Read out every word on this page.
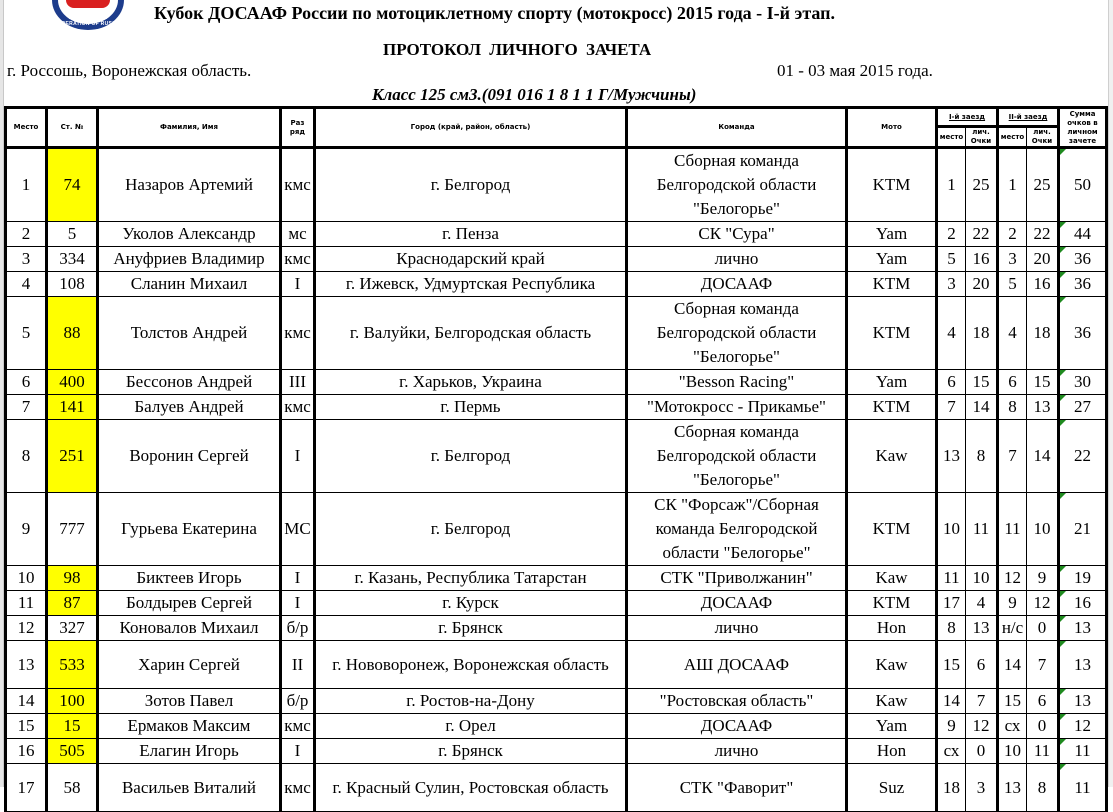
MOTORCYCLE FEDERATION OF RUSSIA
Кубок ДОСААФ России по мотоциклетному спорту (мотокросс) 2015 года - I-й этап.
ПРОТОКОЛ ЛИЧНОГО ЗАЧЕТА
г. Россошь, Воронежская область.	01 - 03 мая 2015 года.
Класс 125 см3.(091 016 1 8 1 1 Г/Мужчины)
Место	Ст. №	Фамилия, Имя	Раз ряд	Город (край, район, область)	Команда	Мото	I-й заезд		II-й заезд		Сумма очков в личном зачете
							место	лич. Очки	место	лич. Очки	
1	74	Назаров Артемий	кмс	г. Белгород	Сборная команда Белгородской области "Белогорье"	KTM	1	25	1	25	50
2	5	Уколов Александр	мс	г. Пенза	СК "Сура"	Yam	2	22	2	22	44
3	334	Ануфриев Владимир	кмс	Краснодарский край	лично	Yam	5	16	3	20	36
4	108	Сланин Михаил	I	г. Ижевск, Удмуртская Республика	ДОСААФ	KTM	3	20	5	16	36
5	88	Толстов Андрей	кмс	г. Валуйки, Белгородская область	Сборная команда Белгородской области "Белогорье"	KTM	4	18	4	18	36
6	400	Бессонов Андрей	III	г. Харьков, Украина	"Besson Racing"	Yam	6	15	6	15	30
7	141	Балуев Андрей	кмс	г. Пермь	"Мотокросс - Прикамье"	KTM	7	14	8	13	27
8	251	Воронин Сергей	I	г. Белгород	Сборная команда Белгородской области "Белогорье"	Kaw	13	8	7	14	22
9	777	Гурьева Екатерина	МС	г. Белгород	СК "Форсаж"/Сборная команда Белгородской области "Белогорье"	KTM	10	11	11	10	21
10	98	Биктеев Игорь	I	г. Казань, Республика Татарстан	СТК "Приволжанин"	Kaw	11	10	12	9	19
11	87	Болдырев Сергей	I	г. Курск	ДОСААФ	KTM	17	4	9	12	16
12	327	Коновалов Михаил	б/р	г. Брянск	лично	Hon	8	13	н/с	0	13
13	533	Харин Сергей	II	г. Нововоронеж, Воронежская область	АШ ДОСААФ	Kaw	15	6	14	7	13
14	100	Зотов Павел	б/р	г. Ростов-на-Дону	"Ростовская область"	Kaw	14	7	15	6	13
15	15	Ермаков Максим	кмс	г. Орел	ДОСААФ	Yam	9	12	сх	0	12
16	505	Елагин Игорь	I	г. Брянск	лично	Hon	сх	0	10	11	11
17	58	Васильев Виталий	кмс	г. Красный Сулин, Ростовская область	СТК "Фаворит"	Suz	18	3	13	8	11
